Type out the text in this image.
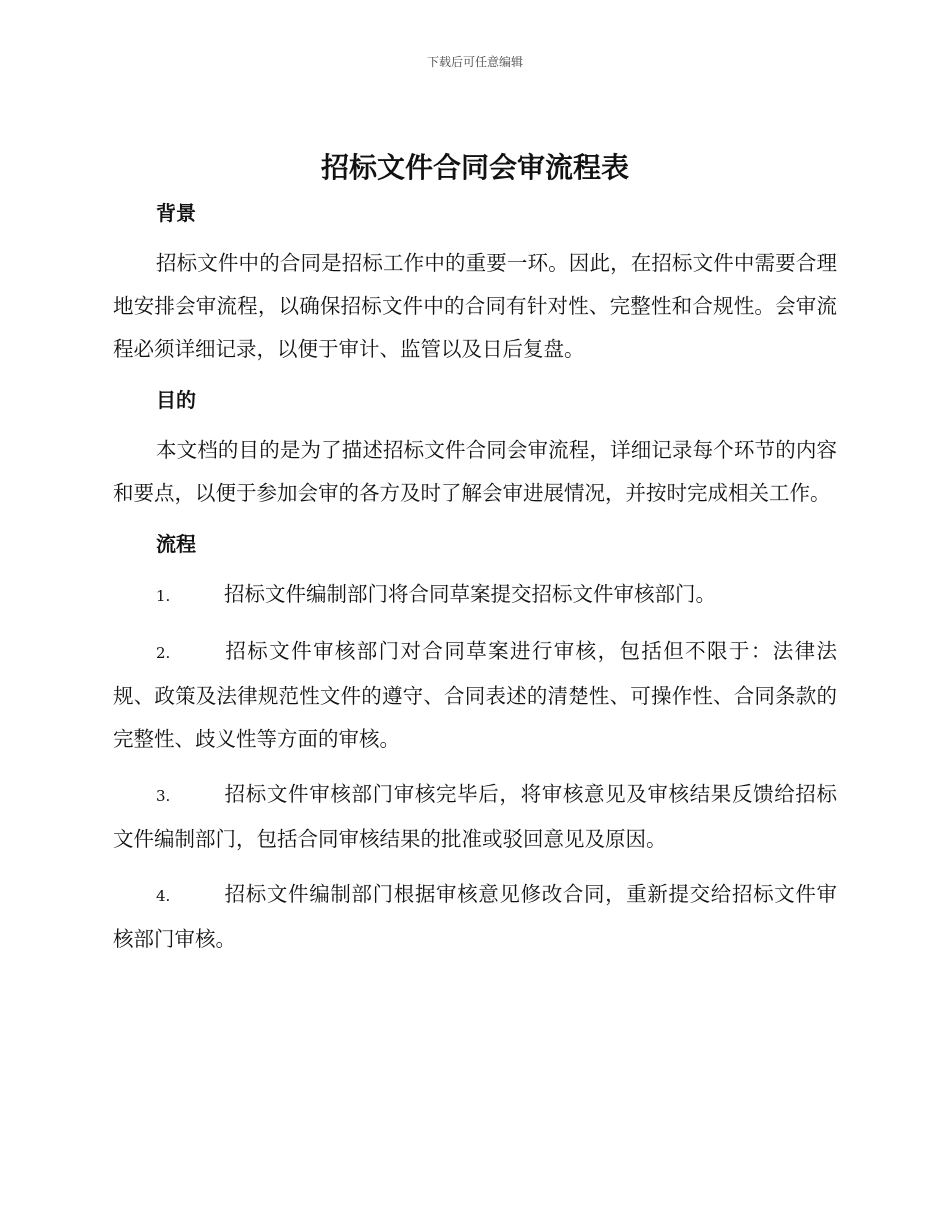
下载后可任意编辑
招标文件合同会审流程表
背景

招标文件中的合同是招标工作中的重要一环。因此，在招标文件中需要合理地安排会审流程，以确保招标文件中的合同有针对性、完整性和合规性。会审流程必须详细记录，以便于审计、监管以及日后复盘。

目的

本文档的目的是为了描述招标文件合同会审流程，详细记录每个环节的内容和要点，以便于参加会审的各方及时了解会审进展情况，并按时完成相关工作。

流程

1.	招标文件编制部门将合同草案提交招标文件审核部门。

2.	招标文件审核部门对合同草案进行审核，包括但不限于：法律法规、政策及法律规范性文件的遵守、合同表述的清楚性、可操作性、合同条款的完整性、歧义性等方面的审核。

3.	招标文件审核部门审核完毕后，将审核意见及审核结果反馈给招标文件编制部门，包括合同审核结果的批准或驳回意见及原因。

4.	招标文件编制部门根据审核意见修改合同，重新提交给招标文件审核部门审核。
